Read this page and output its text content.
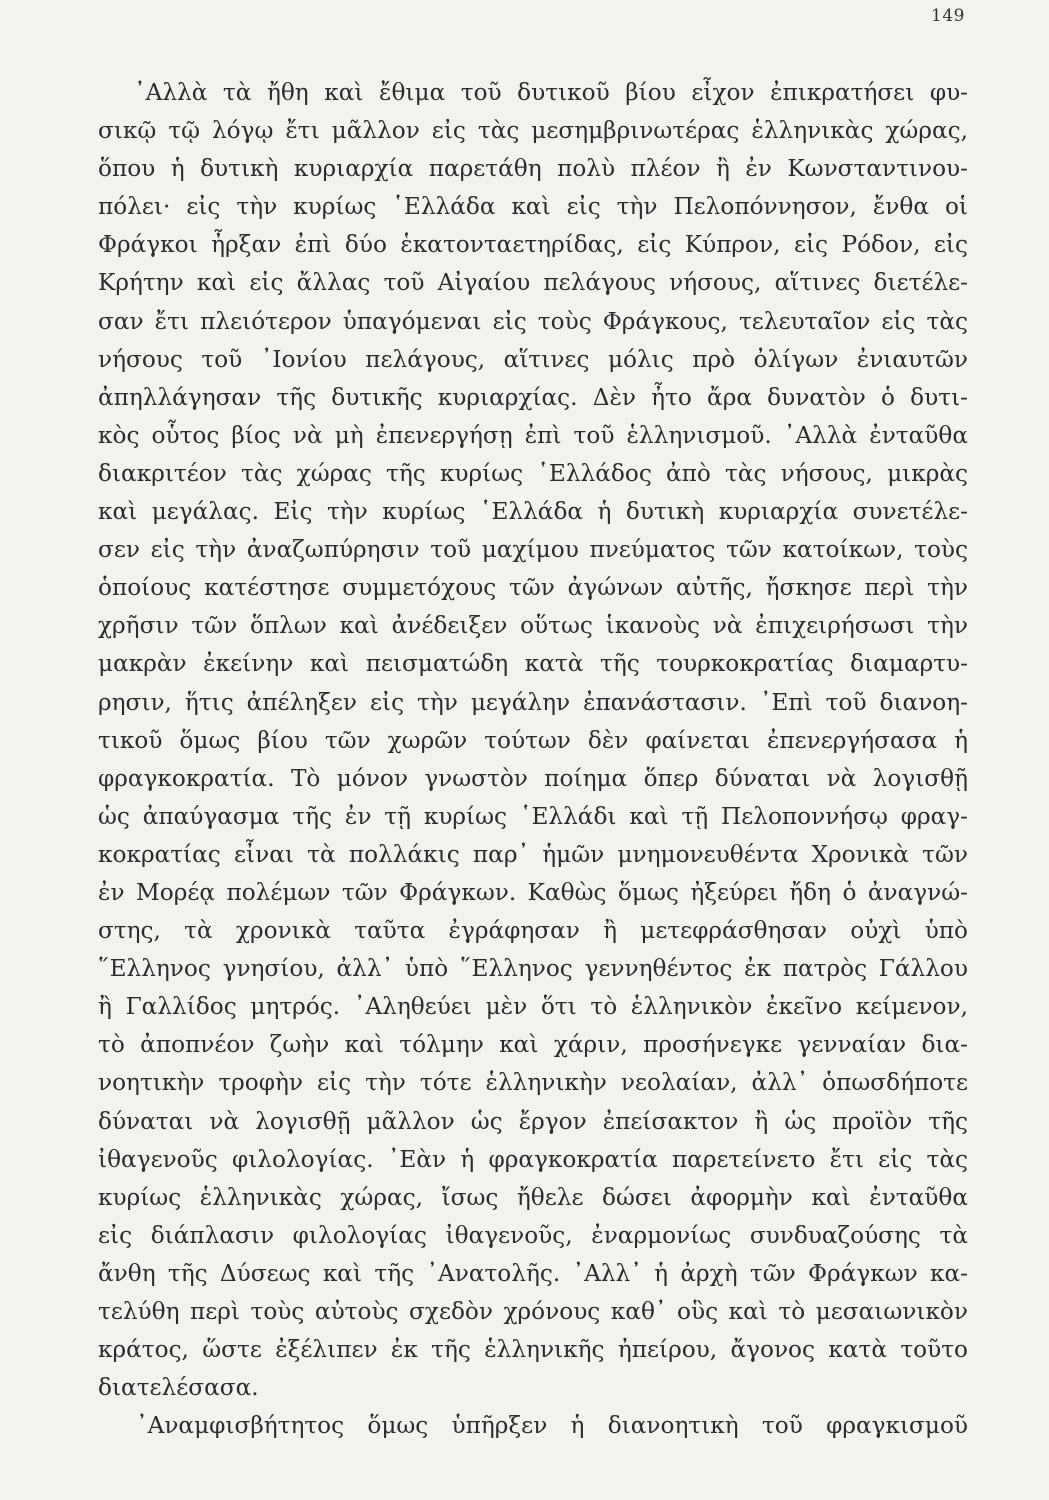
149
᾿Αλλὰ τὰ ἤθη καὶ ἔθιμα τοῦ δυτικοῦ βίου εἶχον ἐπικρατήσει φυ-
σικῷ τῷ λόγῳ ἔτι μᾶλλον εἰς τὰς μεσημβρινωτέρας ἑλληνικὰς χώρας,
ὅπου ἡ δυτικὴ κυριαρχία παρετάθη πολὺ πλέον ἢ ἐν Κωνσταντινου-
πόλει· εἰς τὴν κυρίως ῾Ελλάδα καὶ εἰς τὴν Πελοπόννησον, ἔνθα οἱ
Φράγκοι ἦρξαν ἐπὶ δύο ἑκατονταετηρίδας, εἰς Κύπρον, εἰς Ρόδον, εἰς
Κρήτην καὶ εἰς ἄλλας τοῦ Αἰγαίου πελάγους νήσους, αἵτινες διετέλε-
σαν ἔτι πλειότερον ὑπαγόμεναι εἰς τοὺς Φράγκους, τελευταῖον εἰς τὰς
νήσους τοῦ ᾿Ιονίου πελάγους, αἵτινες μόλις πρὸ ὀλίγων ἐνιαυτῶν
ἀπηλλάγησαν τῆς δυτικῆς κυριαρχίας. Δὲν ἦτο ἄρα δυνατὸν ὁ δυτι-
κὸς οὗτος βίος νὰ μὴ ἐπενεργήσῃ ἐπὶ τοῦ ἑλληνισμοῦ. ᾿Αλλὰ ἐνταῦθα
διακριτέον τὰς χώρας τῆς κυρίως ῾Ελλάδος ἀπὸ τὰς νήσους, μικρὰς
καὶ μεγάλας. Εἰς τὴν κυρίως ῾Ελλάδα ἡ δυτικὴ κυριαρχία συνετέλε-
σεν εἰς τὴν ἀναζωπύρησιν τοῦ μαχίμου πνεύματος τῶν κατοίκων, τοὺς
ὁποίους κατέστησε συμμετόχους τῶν ἀγώνων αὐτῆς, ἤσκησε περὶ τὴν
χρῆσιν τῶν ὅπλων καὶ ἀνέδειξεν οὕτως ἱκανοὺς νὰ ἐπιχειρήσωσι τὴν
μακρὰν ἐκείνην καὶ πεισματώδη κατὰ τῆς τουρκοκρατίας διαμαρτυ-
ρησιν, ἥτις ἀπέληξεν εἰς τὴν μεγάλην ἐπανάστασιν. ᾿Επὶ τοῦ διανοη-
τικοῦ ὅμως βίου τῶν χωρῶν τούτων δὲν φαίνεται ἐπενεργήσασα ἡ
φραγκοκρατία. Τὸ μόνον γνωστὸν ποίημα ὅπερ δύναται νὰ λογισθῇ
ὡς ἀπαύγασμα τῆς ἐν τῇ κυρίως ῾Ελλάδι καὶ τῇ Πελοποννήσῳ φραγ-
κοκρατίας εἶναι τὰ πολλάκις παρ᾿ ἡμῶν μνημονευθέντα Χρονικὰ τῶν
ἐν Μορέᾳ πολέμων τῶν Φράγκων. Καθὼς ὅμως ἠξεύρει ἤδη ὁ ἀναγνώ-
στης, τὰ χρονικὰ ταῦτα ἐγράφησαν ἢ μετεφράσθησαν οὐχὶ ὑπὸ
῞Ελληνος γνησίου, ἀλλ᾿ ὑπὸ ῞Ελληνος γεννηθέντος ἐκ πατρὸς Γάλλου
ἢ Γαλλίδος μητρός. ᾿Αληθεύει μὲν ὅτι τὸ ἑλληνικὸν ἐκεῖνο κείμενον,
τὸ ἀποπνέον ζωὴν καὶ τόλμην καὶ χάριν, προσήνεγκε γενναίαν δια-
νοητικὴν τροφὴν εἰς τὴν τότε ἑλληνικὴν νεολαίαν, ἀλλ᾿ ὁπωσδήποτε
δύναται νὰ λογισθῇ μᾶλλον ὡς ἔργον ἐπείσακτον ἢ ὡς προϊὸν τῆς
ἰθαγενοῦς φιλολογίας. ᾿Εὰν ἡ φραγκοκρατία παρετείνετο ἔτι εἰς τὰς
κυρίως ἑλληνικὰς χώρας, ἴσως ἤθελε δώσει ἀφορμὴν καὶ ἐνταῦθα
εἰς διάπλασιν φιλολογίας ἰθαγενοῦς, ἐναρμονίως συνδυαζούσης τὰ
ἄνθη τῆς Δύσεως καὶ τῆς ᾿Ανατολῆς. ᾿Αλλ᾿ ἡ ἀρχὴ τῶν Φράγκων κα-
τελύθη περὶ τοὺς αὐτοὺς σχεδὸν χρόνους καθ᾿ οὓς καὶ τὸ μεσαιωνικὸν
κράτος, ὥστε ἐξέλιπεν ἐκ τῆς ἑλληνικῆς ἠπείρου, ἄγονος κατὰ τοῦτο
διατελέσασα.
᾿Αναμφισβήτητος ὅμως ὑπῆρξεν ἡ διανοητικὴ τοῦ φραγκισμοῦ
